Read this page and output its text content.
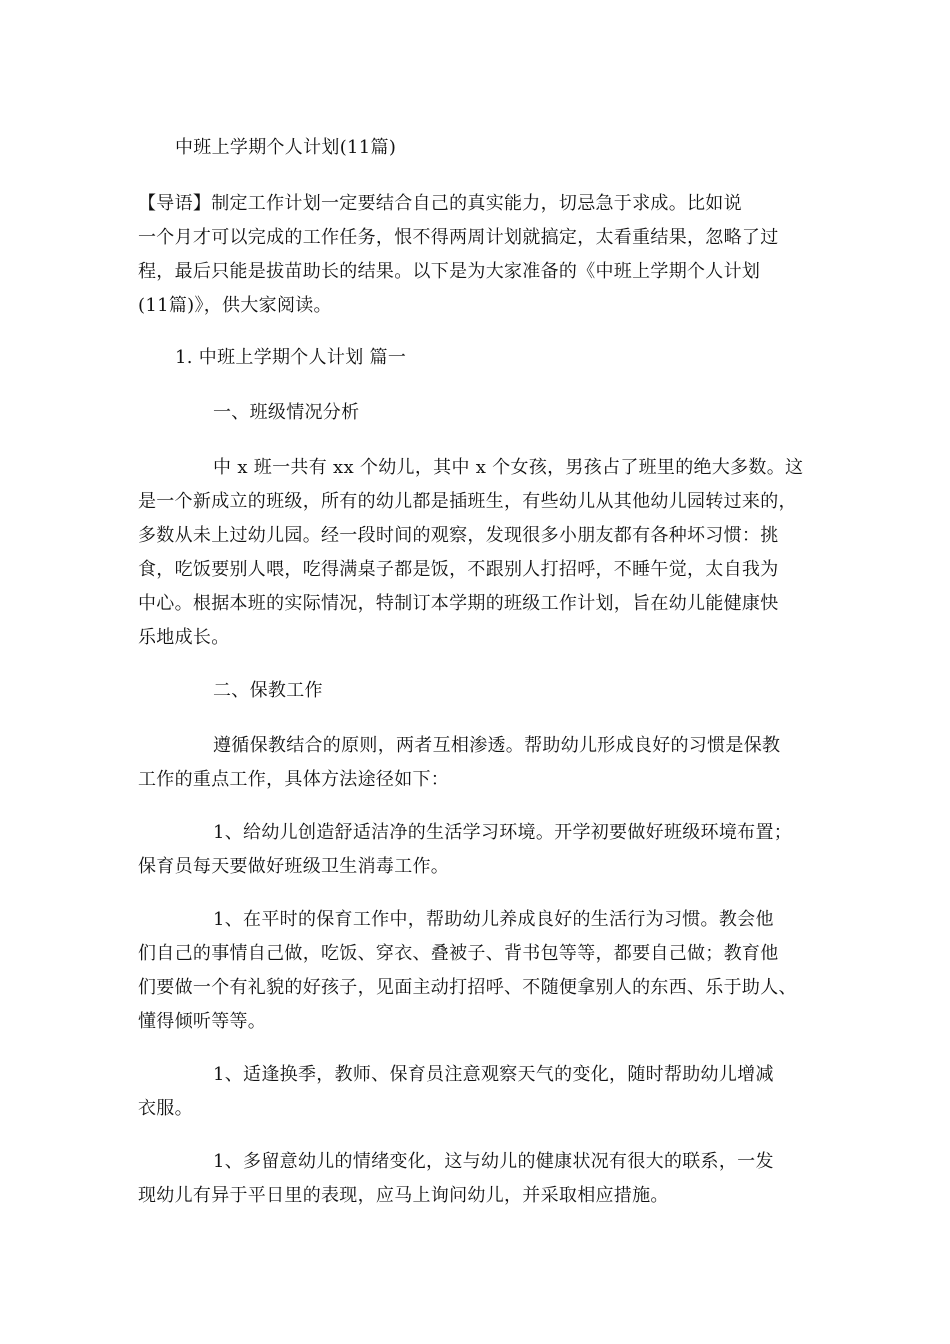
中班上学期个人计划(11篇)
【导语】制定工作计划一定要结合自己的真实能力，切忌急于求成。比如说
一个月才可以完成的工作任务，恨不得两周计划就搞定，太看重结果，忽略了过
程，最后只能是拔苗助长的结果。以下是为大家准备的《中班上学期个人计划
(11篇)》，供大家阅读。
1. 中班上学期个人计划 篇一
一、班级情况分析
中 x 班一共有 xx 个幼儿，其中 x 个女孩，男孩占了班里的绝大多数。这
是一个新成立的班级，所有的幼儿都是插班生，有些幼儿从其他幼儿园转过来的，
多数从未上过幼儿园。经一段时间的观察，发现很多小朋友都有各种坏习惯：挑
食，吃饭要别人喂，吃得满桌子都是饭，不跟别人打招呼，不睡午觉，太自我为
中心。根据本班的实际情况，特制订本学期的班级工作计划，旨在幼儿能健康快
乐地成长。
二、保教工作
遵循保教结合的原则，两者互相渗透。帮助幼儿形成良好的习惯是保教
工作的重点工作，具体方法途径如下：
1、给幼儿创造舒适洁净的生活学习环境。开学初要做好班级环境布置；
保育员每天要做好班级卫生消毒工作。
1、在平时的保育工作中，帮助幼儿养成良好的生活行为习惯。教会他
们自己的事情自己做，吃饭、穿衣、叠被子、背书包等等，都要自己做；教育他
们要做一个有礼貌的好孩子，见面主动打招呼、不随便拿别人的东西、乐于助人、
懂得倾听等等。
1、适逢换季，教师、保育员注意观察天气的变化，随时帮助幼儿增减
衣服。
1、多留意幼儿的情绪变化，这与幼儿的健康状况有很大的联系，一发
现幼儿有异于平日里的表现，应马上询问幼儿，并采取相应措施。
